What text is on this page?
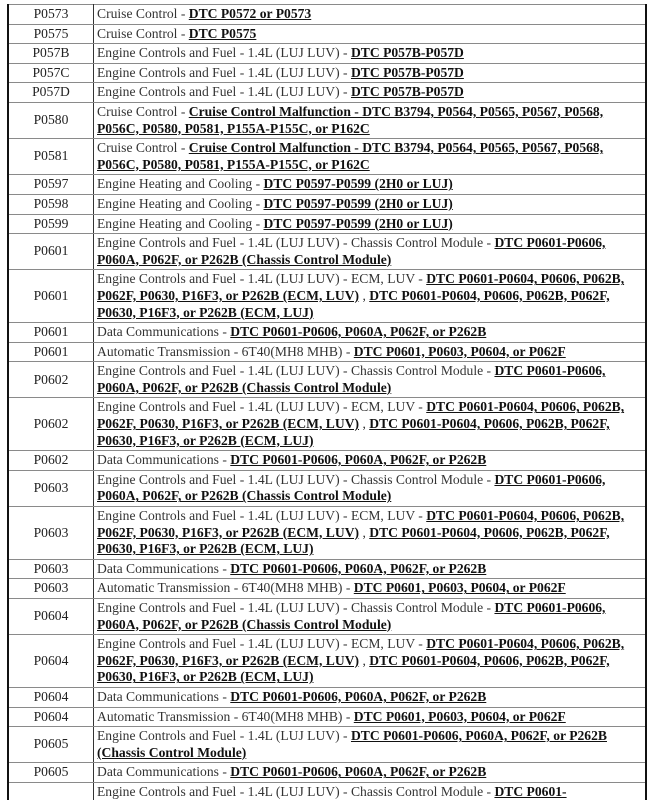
P0573	Cruise Control - DTC P0572 or P0573
P0575	Cruise Control - DTC P0575
P057B	Engine Controls and Fuel - 1.4L (LUJ LUV) - DTC P057B-P057D
P057C	Engine Controls and Fuel - 1.4L (LUJ LUV) - DTC P057B-P057D
P057D	Engine Controls and Fuel - 1.4L (LUJ LUV) - DTC P057B-P057D
P0580	Cruise Control - Cruise Control Malfunction - DTC B3794, P0564, P0565, P0567, P0568, P056C, P0580, P0581, P155A-P155C, or P162C
P0581	Cruise Control - Cruise Control Malfunction - DTC B3794, P0564, P0565, P0567, P0568, P056C, P0580, P0581, P155A-P155C, or P162C
P0597	Engine Heating and Cooling - DTC P0597-P0599 (2H0 or LUJ)
P0598	Engine Heating and Cooling - DTC P0597-P0599 (2H0 or LUJ)
P0599	Engine Heating and Cooling - DTC P0597-P0599 (2H0 or LUJ)
P0601	Engine Controls and Fuel - 1.4L (LUJ LUV) - Chassis Control Module - DTC P0601-P0606, P060A, P062F, or P262B (Chassis Control Module)
P0601	Engine Controls and Fuel - 1.4L (LUJ LUV) - ECM, LUV - DTC P0601-P0604, P0606, P062B, P062F, P0630, P16F3, or P262B (ECM, LUV) , DTC P0601-P0604, P0606, P062B, P062F, P0630, P16F3, or P262B (ECM, LUJ)
P0601	Data Communications - DTC P0601-P0606, P060A, P062F, or P262B
P0601	Automatic Transmission - 6T40(MH8 MHB) - DTC P0601, P0603, P0604, or P062F
P0602	Engine Controls and Fuel - 1.4L (LUJ LUV) - Chassis Control Module - DTC P0601-P0606, P060A, P062F, or P262B (Chassis Control Module)
P0602	Engine Controls and Fuel - 1.4L (LUJ LUV) - ECM, LUV - DTC P0601-P0604, P0606, P062B, P062F, P0630, P16F3, or P262B (ECM, LUV) , DTC P0601-P0604, P0606, P062B, P062F, P0630, P16F3, or P262B (ECM, LUJ)
P0602	Data Communications - DTC P0601-P0606, P060A, P062F, or P262B
P0603	Engine Controls and Fuel - 1.4L (LUJ LUV) - Chassis Control Module - DTC P0601-P0606, P060A, P062F, or P262B (Chassis Control Module)
P0603	Engine Controls and Fuel - 1.4L (LUJ LUV) - ECM, LUV - DTC P0601-P0604, P0606, P062B, P062F, P0630, P16F3, or P262B (ECM, LUV) , DTC P0601-P0604, P0606, P062B, P062F, P0630, P16F3, or P262B (ECM, LUJ)
P0603	Data Communications - DTC P0601-P0606, P060A, P062F, or P262B
P0603	Automatic Transmission - 6T40(MH8 MHB) - DTC P0601, P0603, P0604, or P062F
P0604	Engine Controls and Fuel - 1.4L (LUJ LUV) - Chassis Control Module - DTC P0601-P0606, P060A, P062F, or P262B (Chassis Control Module)
P0604	Engine Controls and Fuel - 1.4L (LUJ LUV) - ECM, LUV - DTC P0601-P0604, P0606, P062B, P062F, P0630, P16F3, or P262B (ECM, LUV) , DTC P0601-P0604, P0606, P062B, P062F, P0630, P16F3, or P262B (ECM, LUJ)
P0604	Data Communications - DTC P0601-P0606, P060A, P062F, or P262B
P0604	Automatic Transmission - 6T40(MH8 MHB) - DTC P0601, P0603, P0604, or P062F
P0605	Engine Controls and Fuel - 1.4L (LUJ LUV) - DTC P0601-P0606, P060A, P062F, or P262B (Chassis Control Module)
P0605	Data Communications - DTC P0601-P0606, P060A, P062F, or P262B
	Engine Controls and Fuel - 1.4L (LUJ LUV) - Chassis Control Module - DTC P0601-
